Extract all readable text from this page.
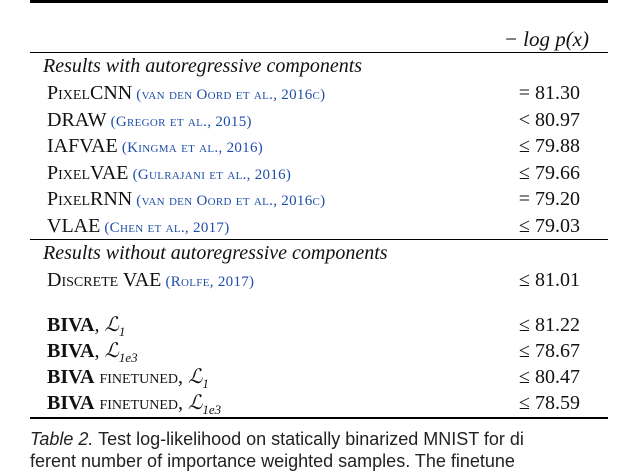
− log p(x)
Results with autoregressive components
PixelCNN (van den Oord et al., 2016c)	= 81.30
DRAW (Gregor et al., 2015)	< 80.97
IAFVAE (Kingma et al., 2016)	≤ 79.88
PixelVAE (Gulrajani et al., 2016)	≤ 79.66
PixelRNN (van den Oord et al., 2016c)	= 79.20
VLAE (Chen et al., 2017)	≤ 79.03
Results without autoregressive components
Discrete VAE (Rolfe, 2017)	≤ 81.01
BIVA, ℒ$_1$	≤ 81.22
BIVA, ℒ$_{1e3}$	≤ 78.67
BIVA finetuned, ℒ$_1$	≤ 80.47
BIVA finetuned, ℒ$_{1e3}$	≤ 78.59
Table 2. Test log-likelihood on statically binarized MNIST for di
ferent number of importance weighted samples. The finetune
